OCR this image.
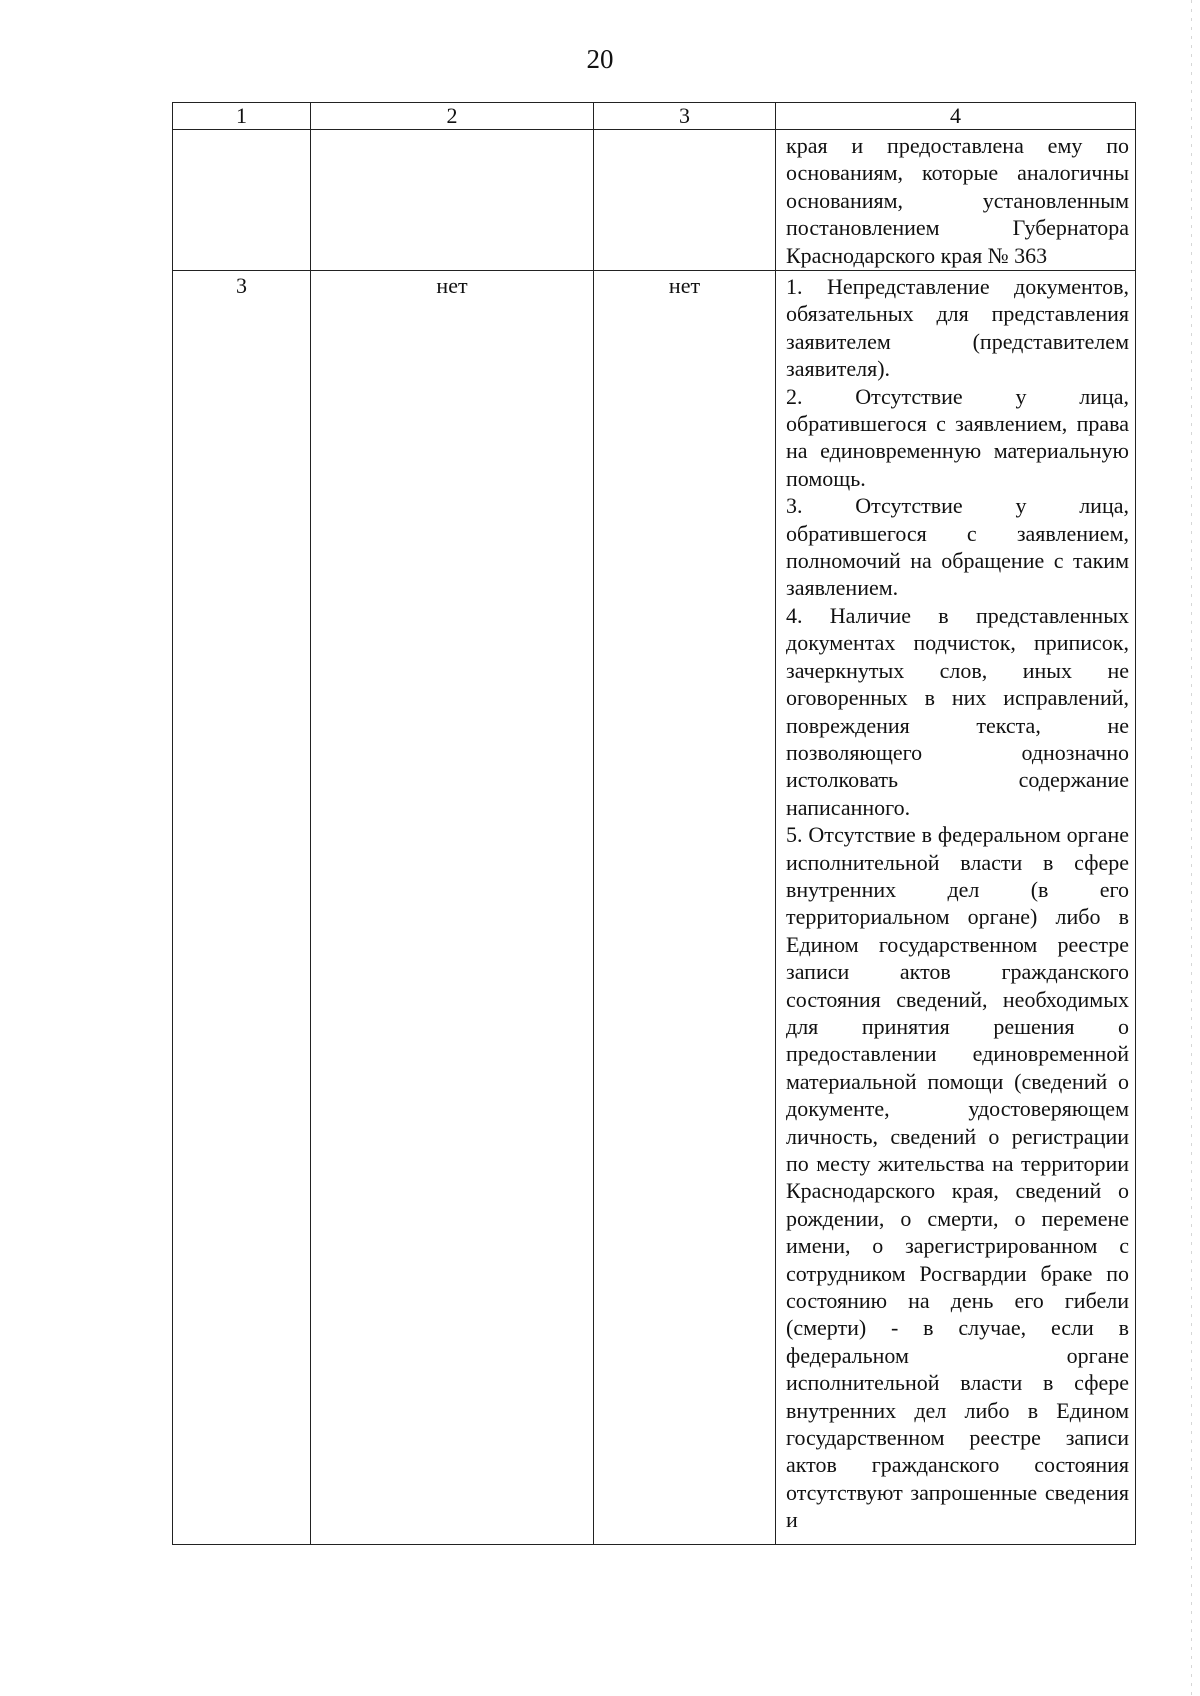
20
1	2	3	4

			края и предоставлена ему по основаниям, которые аналогичны основаниям, установленным постановлением Губернатора Краснодарского края № 363

3	нет	нет	1. Непредставление документов, обязательных для представления заявителем (представителем заявителя).

2. Отсутствие у лица, обратившегося с заявлением, права на единовременную материальную помощь.

3. Отсутствие у лица, обратившегося с заявлением, полномочий на обращение с таким заявлением.

4. Наличие в представленных документах подчисток, приписок, зачеркнутых слов, иных не оговоренных в них исправлений, повреждения текста, не позволяющего однозначно истолковать содержание написанного.

5. Отсутствие в федеральном органе исполнительной власти в сфере внутренних дел (в его территориальном органе) либо в Едином государственном реестре записи актов гражданского состояния сведений, необходимых для принятия решения о предоставлении единовременной материальной помощи (сведений о документе, удостоверяющем личность, сведений о регистрации по месту жительства на территории Краснодарского края, сведений о рождении, о смерти, о перемене имени, о зарегистрированном с сотрудником Росгвардии браке по состоянию на день его гибели (смерти) - в случае, если в федеральном органе исполнительной власти в сфере внутренних дел либо в Едином государственном реестре записи актов гражданского состояния отсутствуют запрошенные сведения и
